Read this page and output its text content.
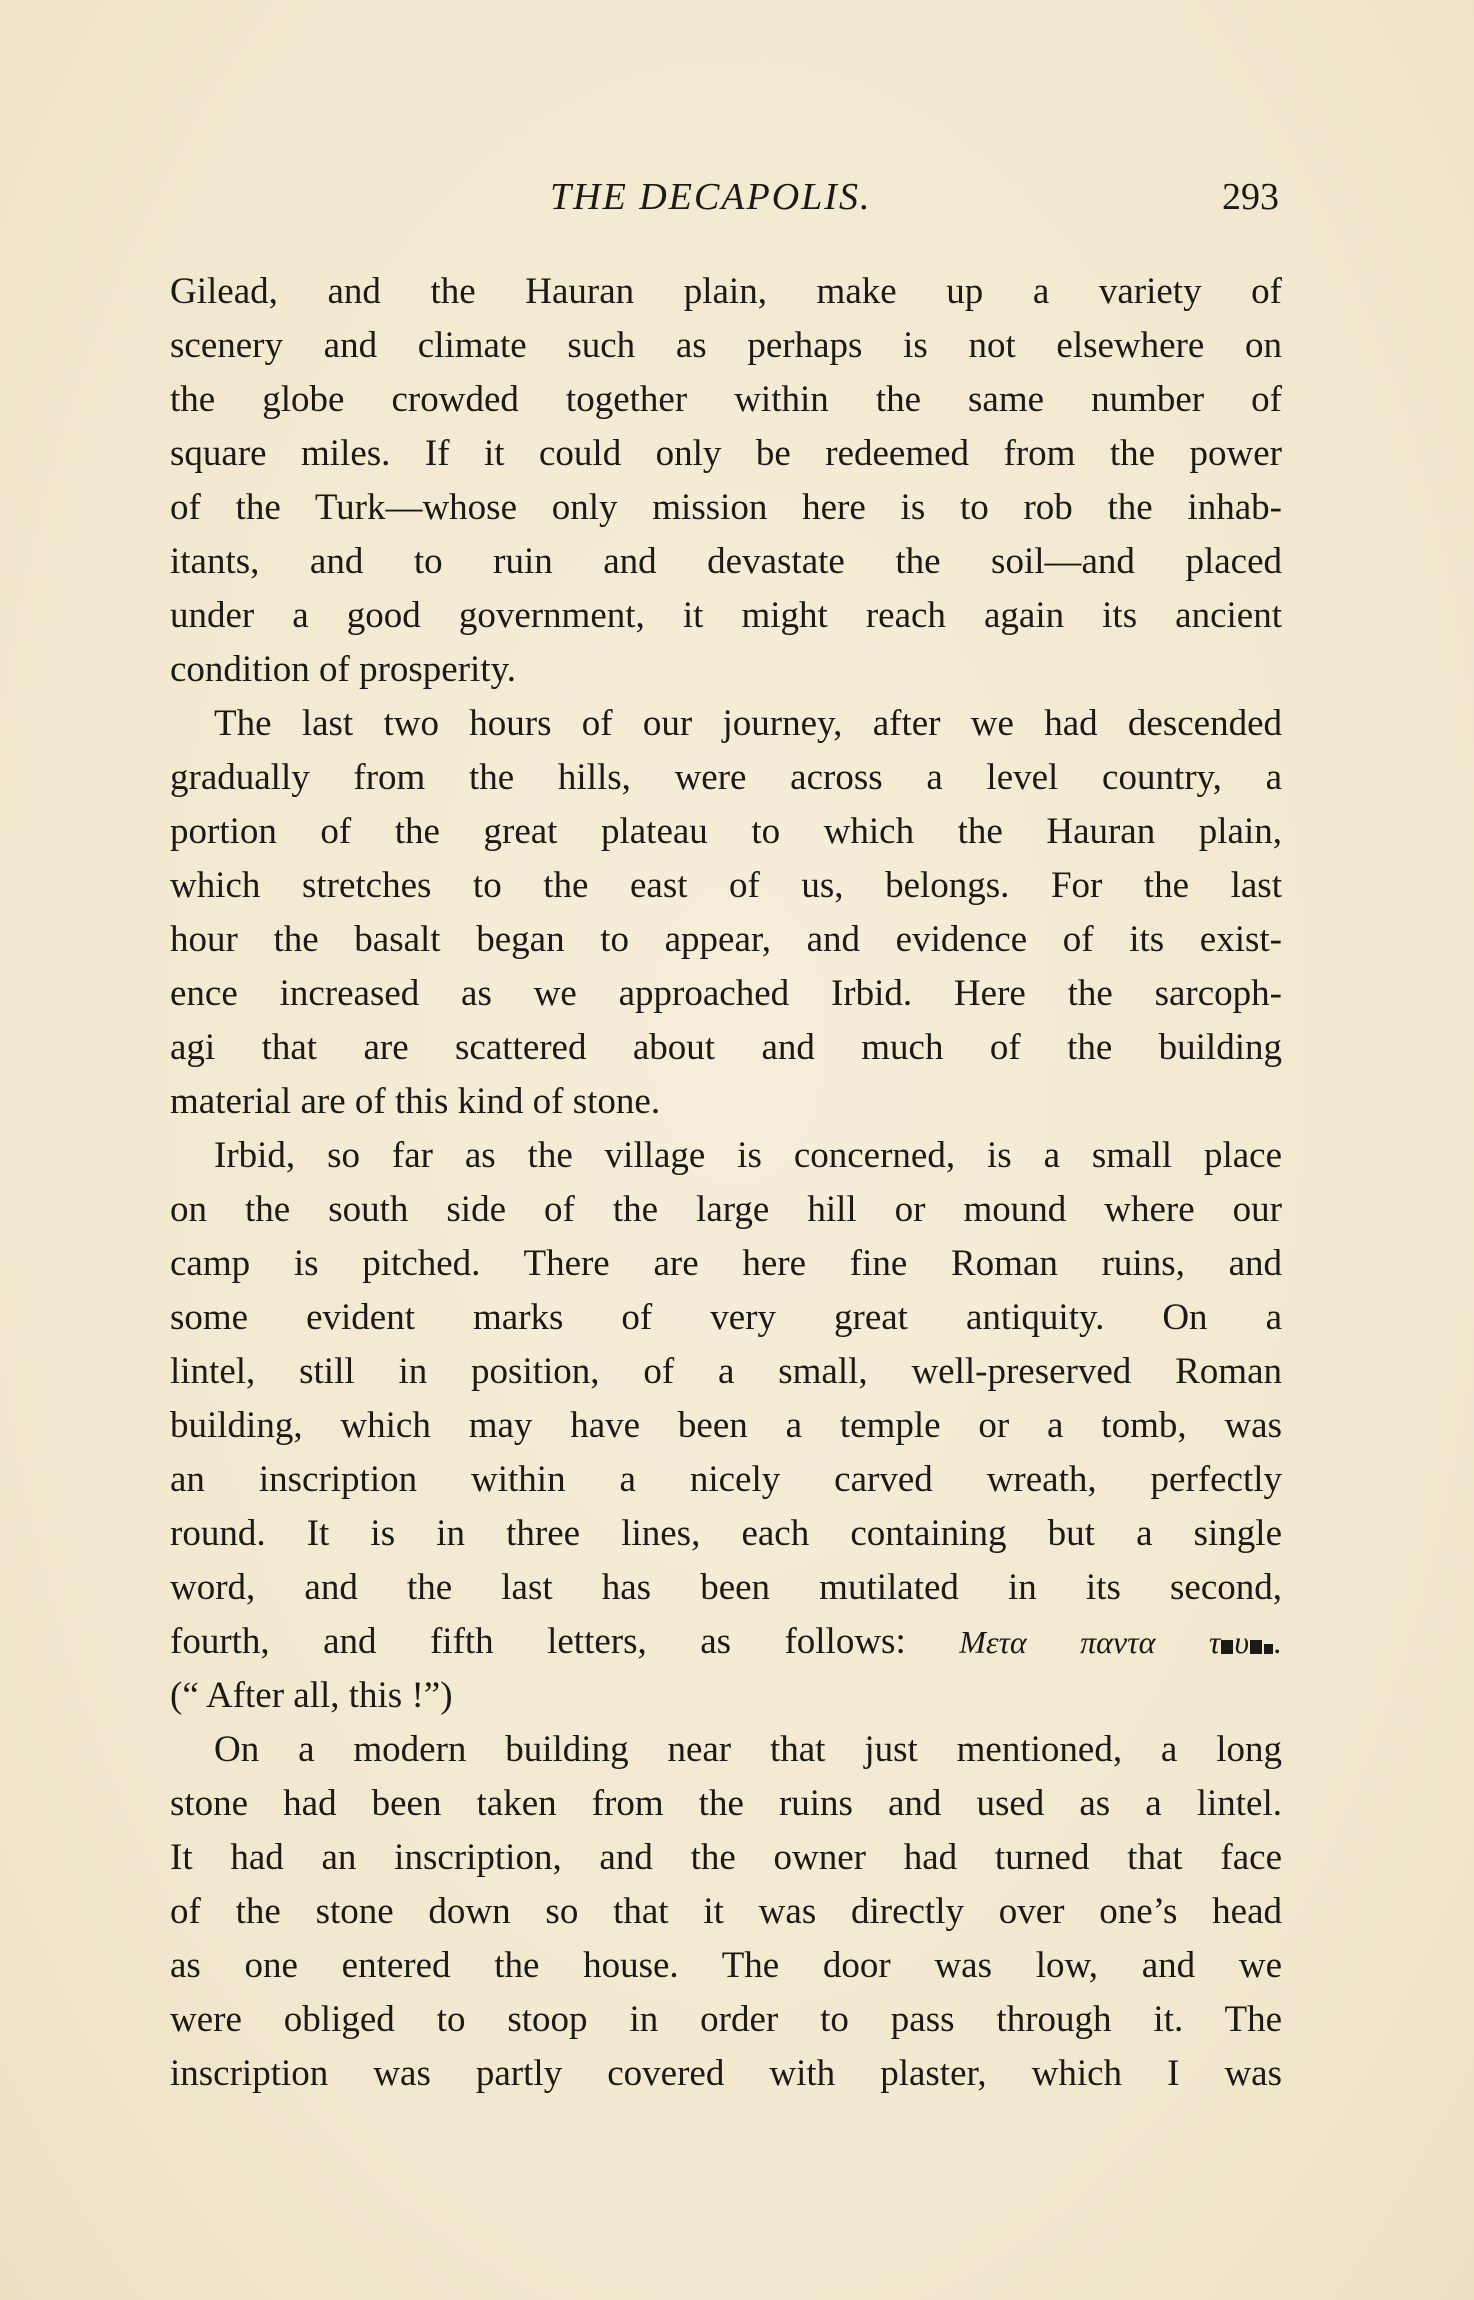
THE DECAPOLIS.	293
Gilead, and the Hauran plain, make up a variety of
scenery and climate such as perhaps is not elsewhere on
the globe crowded together within the same number of
square miles. If it could only be redeemed from the power
of the Turk—whose only mission here is to rob the inhab-
itants, and to ruin and devastate the soil—and placed
under a good government, it might reach again its ancient
condition of prosperity.
The last two hours of our journey, after we had descended
gradually from the hills, were across a level country, a
portion of the great plateau to which the Hauran plain,
which stretches to the east of us, belongs. For the last
hour the basalt began to appear, and evidence of its exist-
ence increased as we approached Irbid. Here the sarcoph-
agi that are scattered about and much of the building
material are of this kind of stone.
Irbid, so far as the village is concerned, is a small place
on the south side of the large hill or mound where our
camp is pitched. There are here fine Roman ruins, and
some evident marks of very great antiquity. On a
lintel, still in position, of a small, well-preserved Roman
building, which may have been a temple or a tomb, was
an inscription within a nicely carved wreath, perfectly
round. It is in three lines, each containing but a single
word, and the last has been mutilated in its second,
fourth, and fifth letters, as follows: Μετα παντα τ υ .
(“ After all, this !”)
On a modern building near that just mentioned, a long
stone had been taken from the ruins and used as a lintel.
It had an inscription, and the owner had turned that face
of the stone down so that it was directly over one’s head
as one entered the house. The door was low, and we
were obliged to stoop in order to pass through it. The
inscription was partly covered with plaster, which I was
